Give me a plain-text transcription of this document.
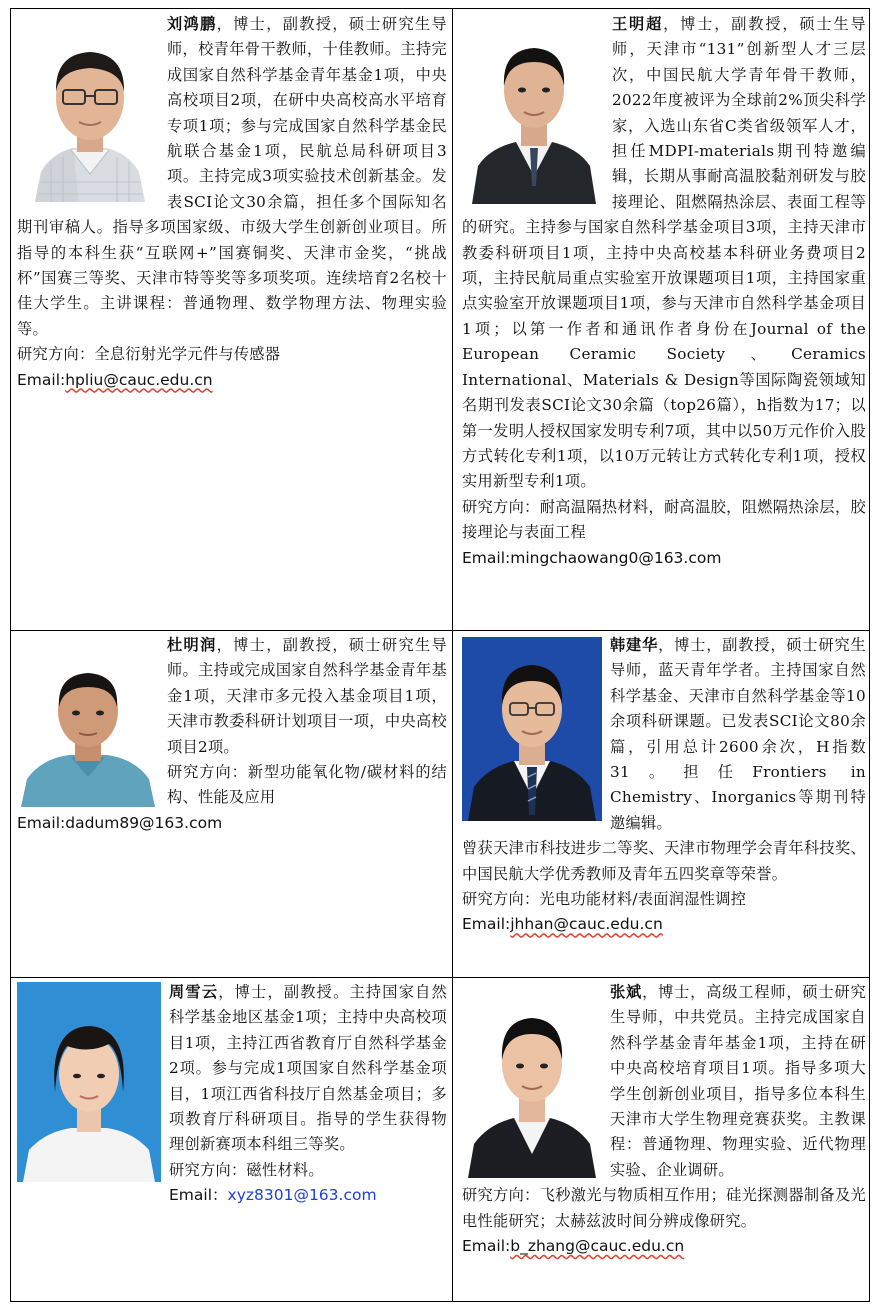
刘鸿鹏，博士，副教授，硕士研究生导师，校青年骨干教师，十佳教师。主持完成国家自然科学基金青年基金1项，中央高校项目2项，在研中央高校高水平培育专项1项；参与完成国家自然科学基金民航联合基金1项，民航总局科研项目3项。主持完成3项实验技术创新基金。发表SCI论文30余篇，担任多个国际知名期刊审稿人。指导多项国家级、市级大学生创新创业项目。所指导的本科生获“互联网+”国赛铜奖、天津市金奖，“挑战杯”国赛三等奖、天津市特等奖等多项奖项。连续培育2名校十佳大学生。主讲课程：普通物理、数学物理方法、物理实验等。
研究方向：全息衍射光学元件与传感器
Email:hpliu@cauc.edu.cn
王明超，博士，副教授，硕士生导师，天津市“131”创新型人才三层次，中国民航大学青年骨干教师，2022年度被评为全球前2%顶尖科学家，入选山东省C类省级领军人才，担任MDPI-materials期刊特邀编辑，长期从事耐高温胶黏剂研发与胶接理论、阻燃隔热涂层、表面工程等的研究。主持参与国家自然科学基金项目3项，主持天津市教委科研项目1项，主持中央高校基本科研业务费项目2项，主持民航局重点实验室开放课题项目1项，主持国家重点实验室开放课题项目1项，参与天津市自然科学基金项目1项；以第一作者和通讯作者身份在Journal of the European Ceramic Society、Ceramics International、Materials & Design等国际陶瓷领域知名期刊发表SCI论文30余篇（top26篇），h指数为17；以第一发明人授权国家发明专利7项，其中以50万元作价入股方式转化专利1项，以10万元转让方式转化专利1项，授权实用新型专利1项。
研究方向：耐高温隔热材料，耐高温胶，阻燃隔热涂层，胶接理论与表面工程
Email:mingchaowang0@163.com
杜明润，博士，副教授，硕士研究生导师。主持或完成国家自然科学基金青年基金1项，天津市多元投入基金项目1项，天津市教委科研计划项目一项，中央高校项目2项。
研究方向：新型功能氧化物/碳材料的结构、性能及应用
Email:dadum89@163.com
韩建华，博士，副教授，硕士研究生导师，蓝天青年学者。主持国家自然科学基金、天津市自然科学基金等10余项科研课题。已发表SCI论文80余篇，引用总计2600余次，H指数31。担任Frontiers in Chemistry、Inorganics等期刊特邀编辑。
曾获天津市科技进步二等奖、天津市物理学会青年科技奖、中国民航大学优秀教师及青年五四奖章等荣誉。
研究方向：光电功能材料/表面润湿性调控
Email:jhhan@cauc.edu.cn
周雪云，博士，副教授。主持国家自然科学基金地区基金1项；主持中央高校项目1项，主持江西省教育厅自然科学基金2项。参与完成1项国家自然科学基金项目，1项江西省科技厅自然基金项目；多项教育厅科研项目。指导的学生获得物理创新赛项本科组三等奖。
研究方向：磁性材料。
Email：xyz8301@163.com
张斌，博士，高级工程师，硕士研究生导师，中共党员。主持完成国家自然科学基金青年基金1项，主持在研中央高校培育项目1项。指导多项大学生创新创业项目，指导多位本科生天津市大学生物理竞赛获奖。主教课程：普通物理、物理实验、近代物理实验、企业调研。
研究方向：飞秒激光与物质相互作用；硅光探测器制备及光电性能研究；太赫兹波时间分辨成像研究。
Email:b_zhang@cauc.edu.cn
